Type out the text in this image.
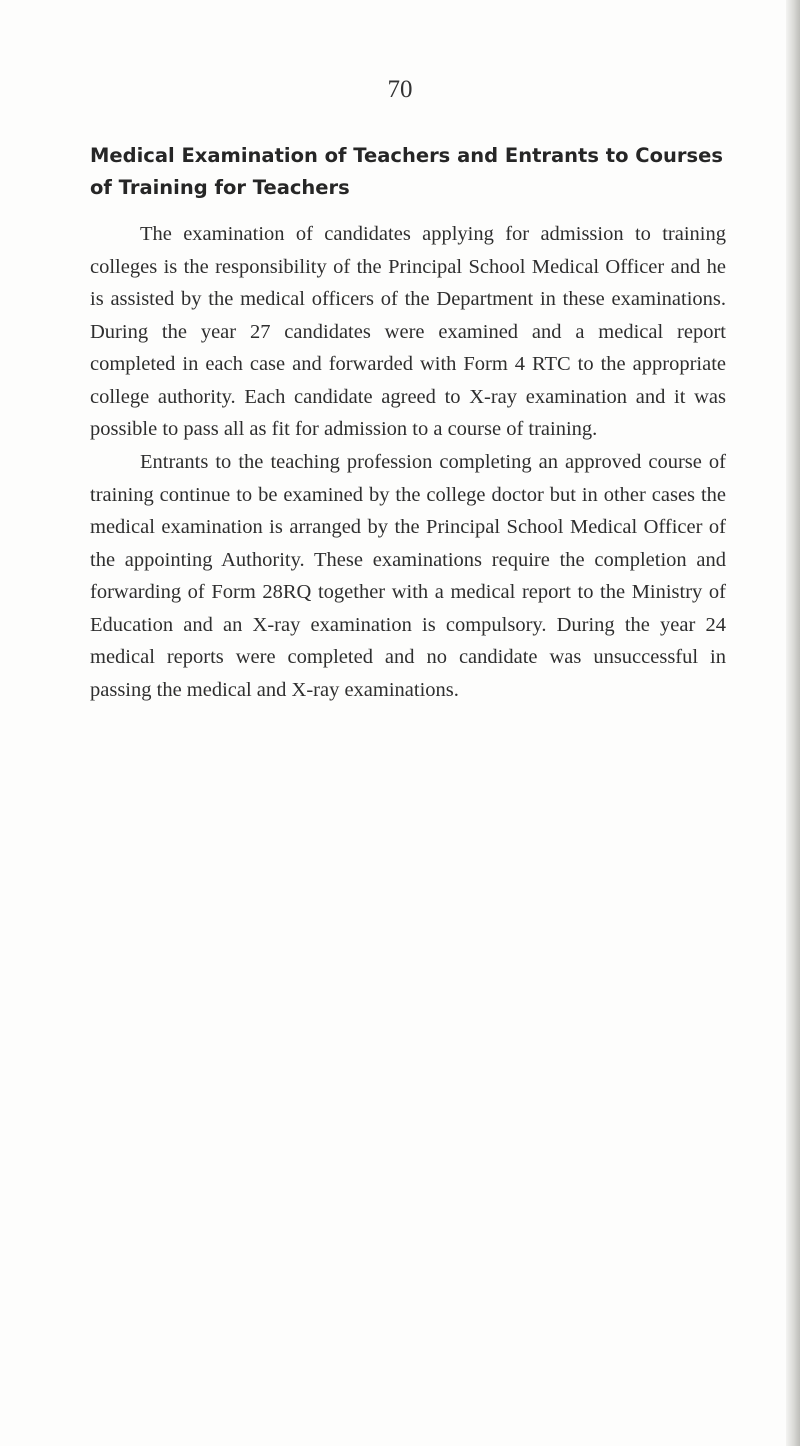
70
Medical Examination of Teachers and Entrants to Courses of Training for Teachers

The examination of candidates applying for admission to training colleges is the responsibility of the Principal School Medical Officer and he is assisted by the medical officers of the Department in these examinations. During the year 27 candidates were examined and a medical report completed in each case and forwarded with Form 4 RTC to the appropriate college authority. Each candidate agreed to X-ray examination and it was possible to pass all as fit for admission to a course of training.

Entrants to the teaching profession completing an approved course of training continue to be examined by the college doctor but in other cases the medical examination is arranged by the Principal School Medical Officer of the appointing Authority. These examinations require the completion and forwarding of Form 28RQ together with a medical report to the Ministry of Education and an X-ray examination is compulsory. During the year 24 medical reports were completed and no candidate was unsuccessful in passing the medical and X-ray examinations.
